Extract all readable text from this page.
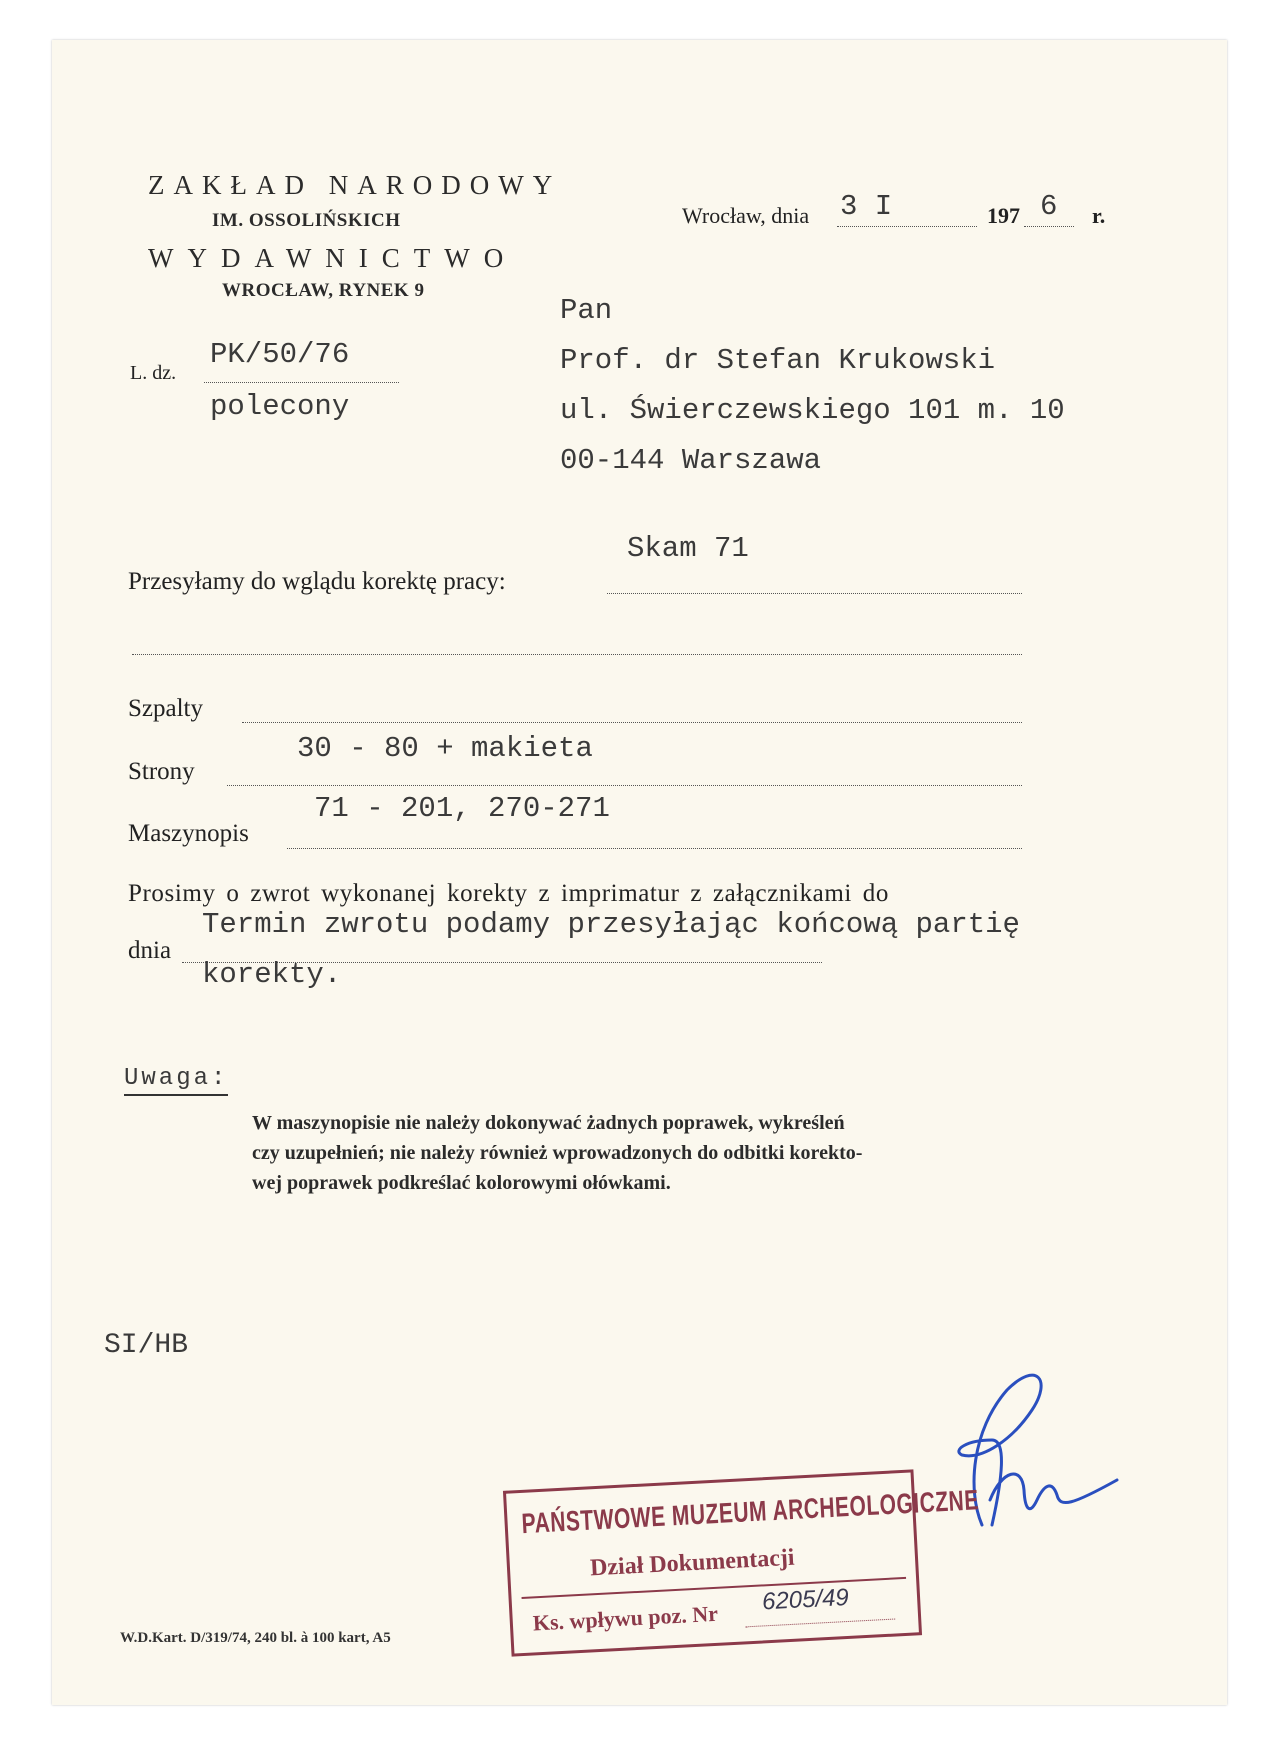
ZAKŁAD NARODOWY
IM. OSSOLIŃSKICH
WYDAWNICTWO
WROCŁAW, RYNEK 9
Wrocław, dnia 3 I	197 6 r.
L. dz.
PK/50/76
polecony
Pan
Prof. dr Stefan Krukowski
ul. Świerczewskiego 101 m. 10
00-144 Warszawa
Przesyłamy do wglądu korektę pracy:
Skam 71
Szpalty
Strony
30 - 80 + makieta
Maszynopis
71 - 201, 270-271
Prosimy o zwrot wykonanej korekty z imprimatur z załącznikami do
dnia
Termin zwrotu podamy przesyłając końcową partię
korekty.
Uwaga:
W maszynopisie nie należy dokonywać żadnych poprawek, wykreśleń
czy uzupełnień; nie należy również wprowadzonych do odbitki korekto-
wej poprawek podkreślać kolorowymi ołówkami.
SI/HB
PAŃSTWOWE MUZEUM ARCHEOLOGICZNE
Dział Dokumentacji
Ks. wpływu poz. Nr
6205/49
W.D.Kart. D/319/74, 240 bl. à 100 kart, A5
